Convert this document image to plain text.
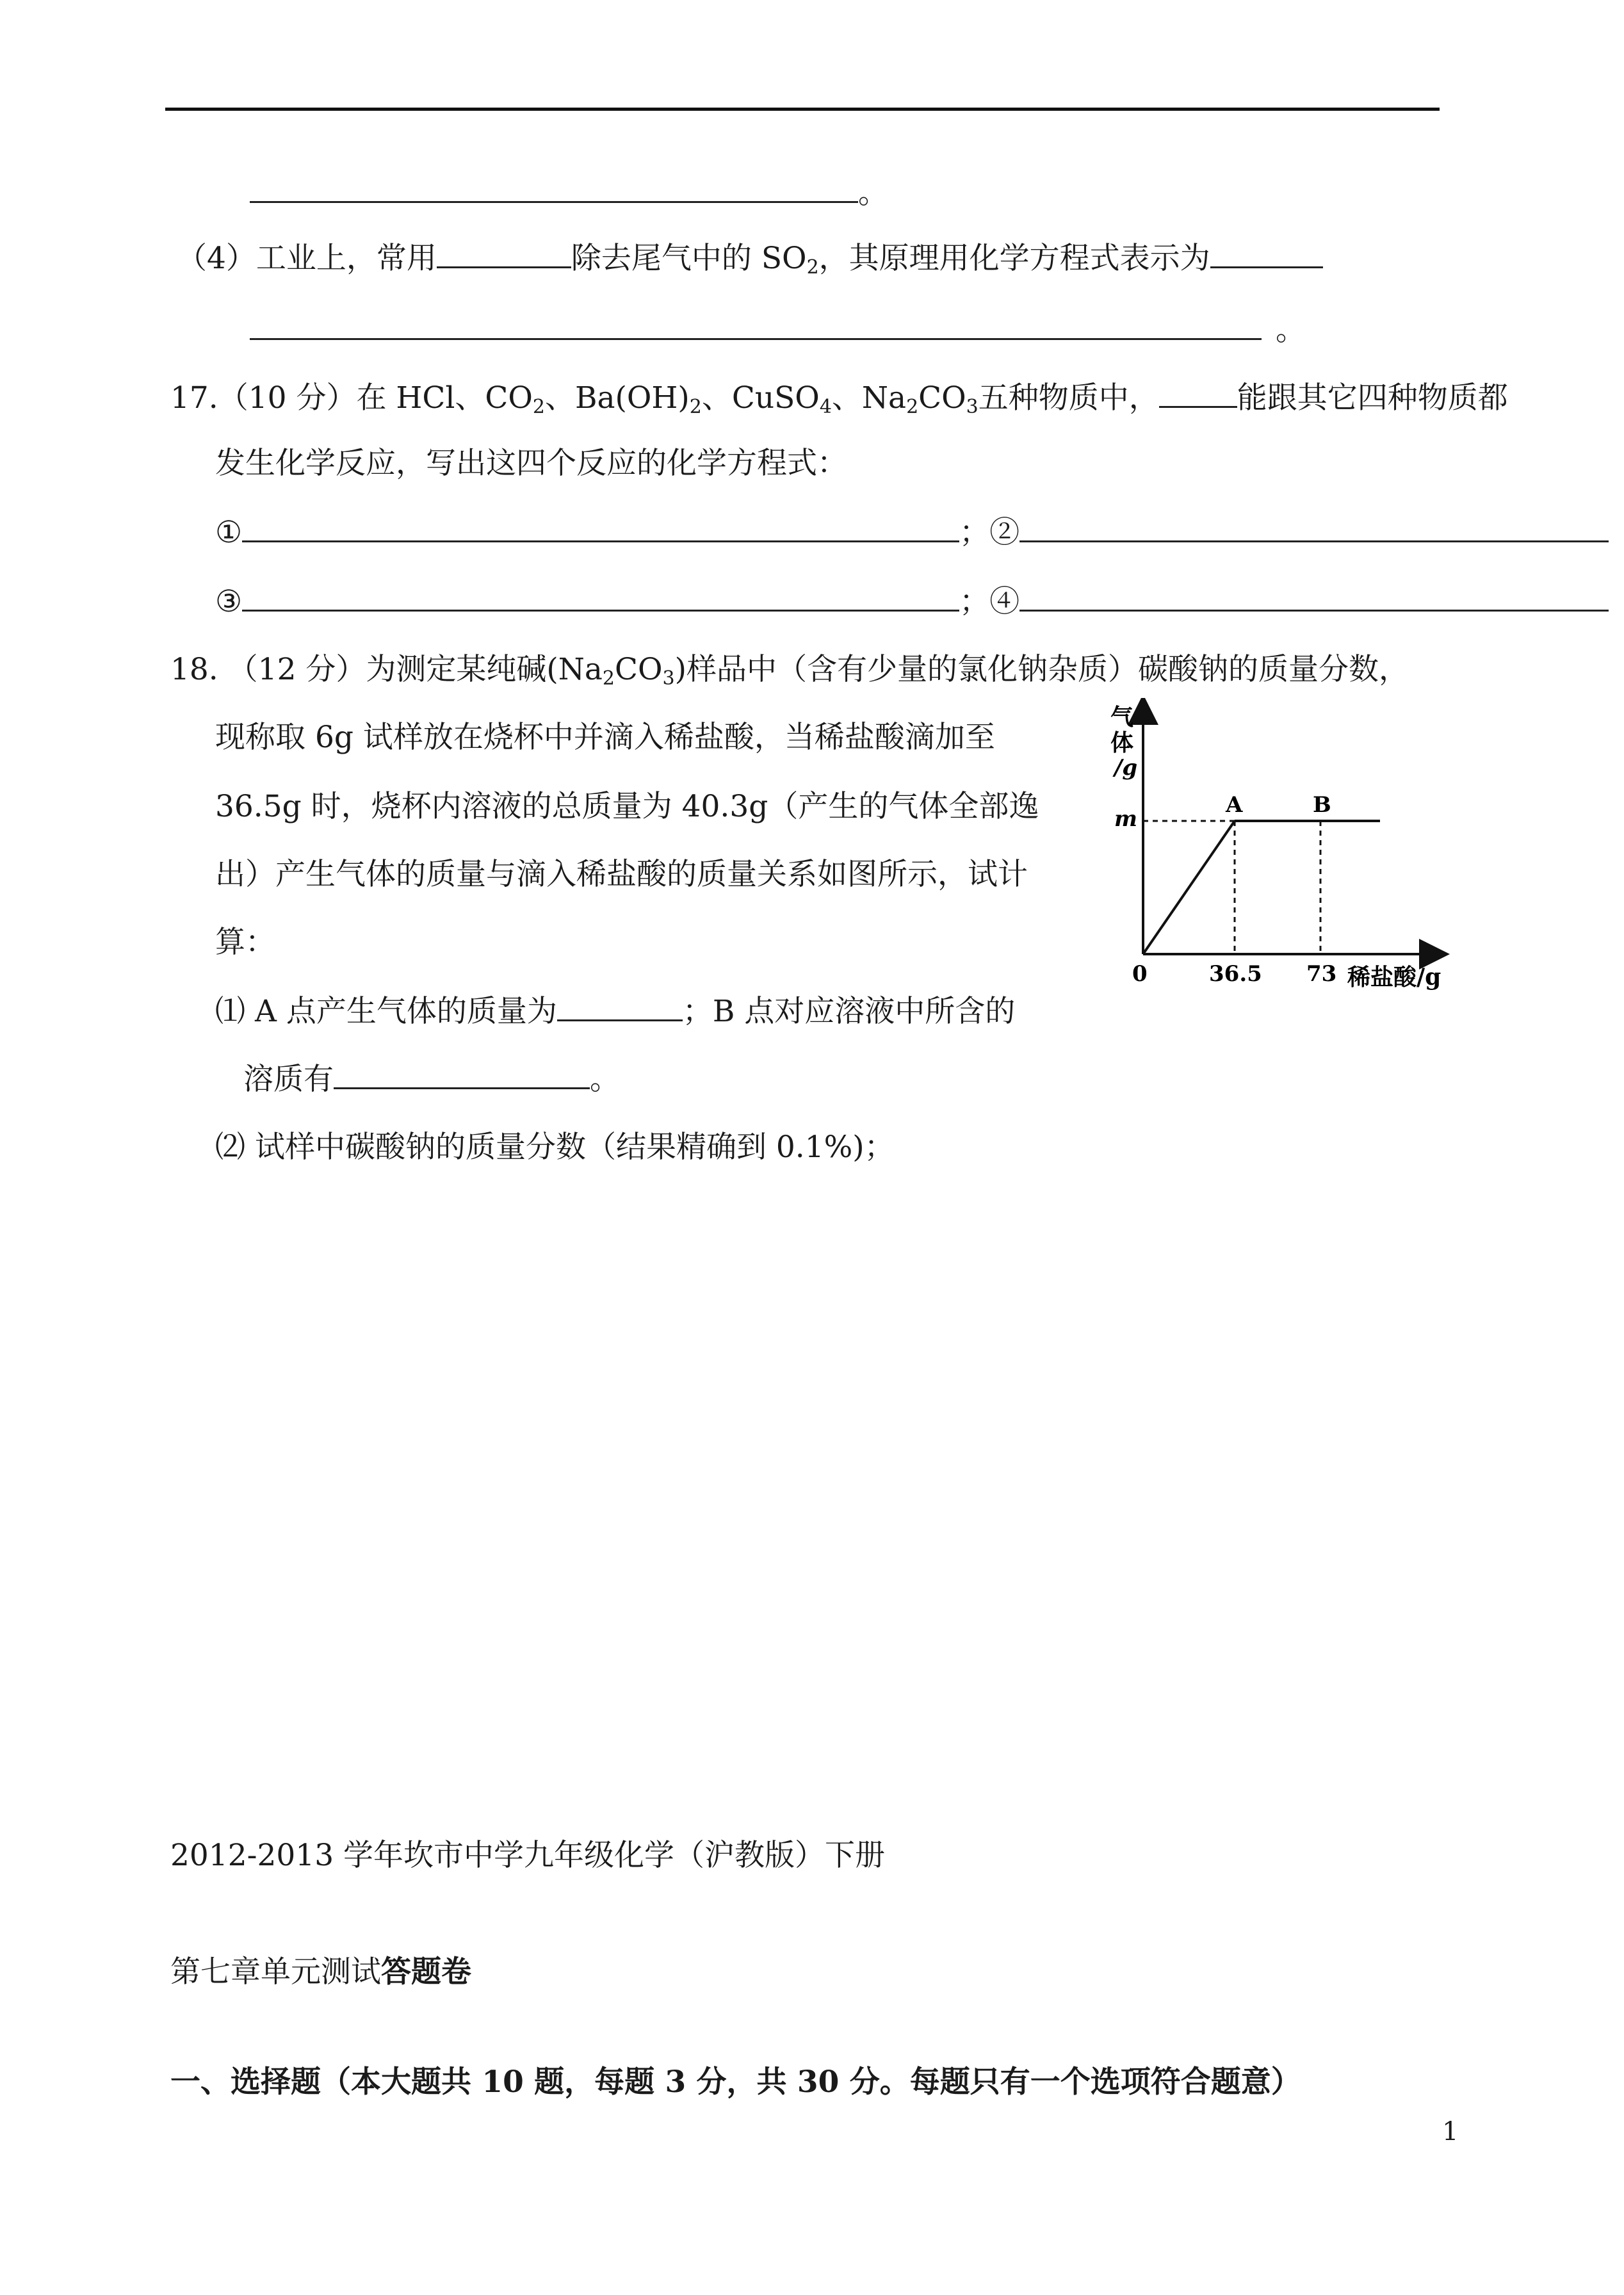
。
（4）工业上，常用	除去尾气中的 $SO_2$，其原理用化学方程式表示为
。
17.（10 分）在 HCl、$CO_2$、$Ba(OH)_2$、CuSO$_4$、$Na_2CO_3$五种物质中，	能跟其它四种物质都
发生化学反应，写出这四个反应的化学方程式：
①	；②
③	；④
18. （12 分）为测定某纯碱$(Na_2CO_3)$样品中（含有少量的氯化钠杂质）碳酸钠的质量分数，
现称取 6g 试样放在烧杯中并滴入稀盐酸，当稀盐酸滴加至
36.5g 时，烧杯内溶液的总质量为 40.3g（产生的气体全部逸
出）产生气体的质量与滴入稀盐酸的质量关系如图所示，试计
算：
⑴ A 点产生气体的质量为	；B 点对应溶液中所含的
溶质有	。
⑵ 试样中碳酸钠的质量分数（结果精确到 0.1%)；
气
体
/g
m
A	B
0	36.5 73 稀盐酸/g
2012-2013 学年坎市中学九年级化学（沪教版）下册
第七章单元测试答题卷
一、选择题（本大题共 10 题，每题 3 分，共 30 分。每题只有一个选项符合题意）
1
